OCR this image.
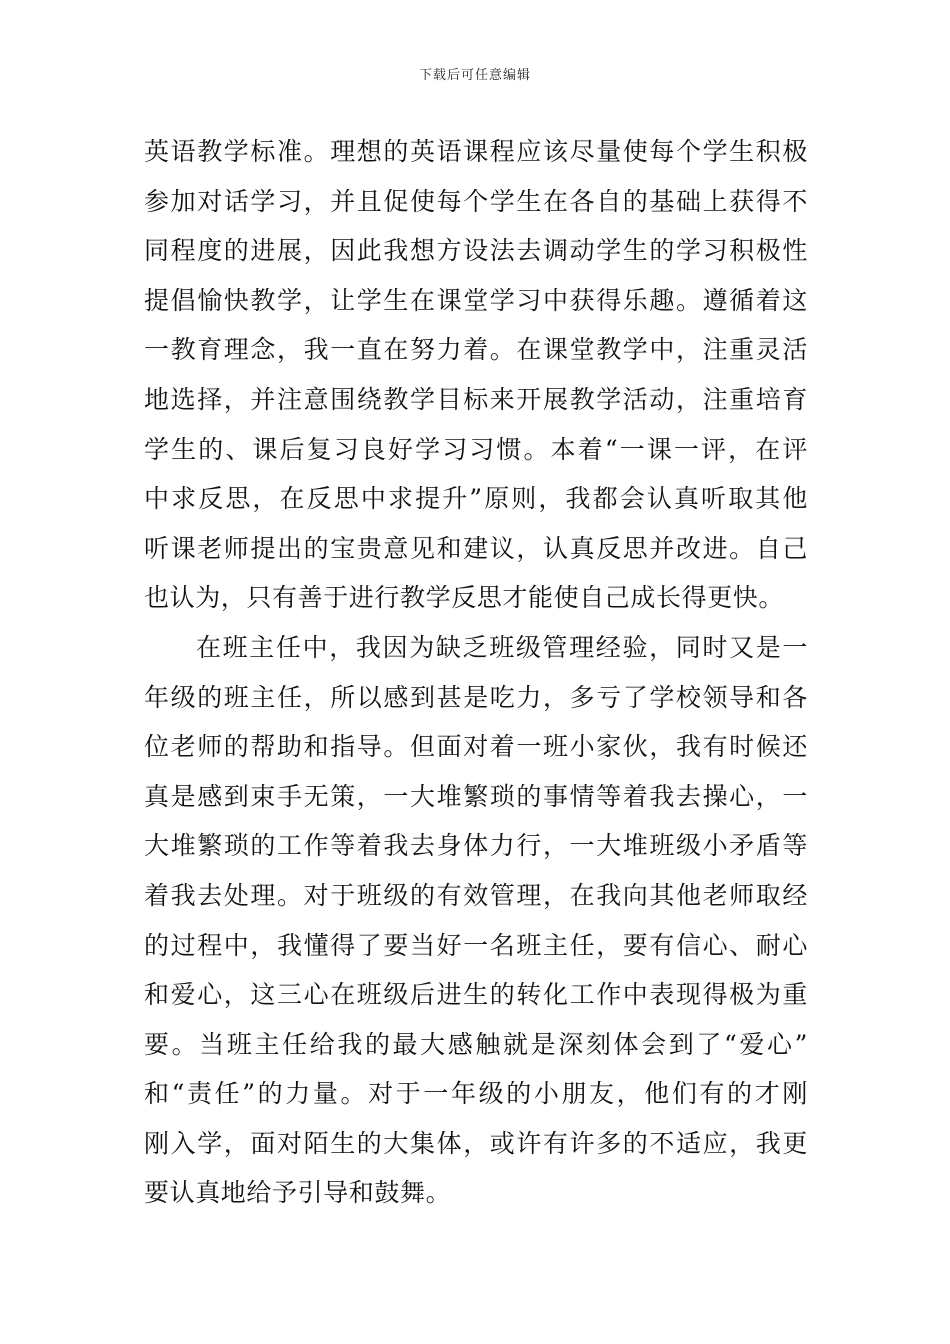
下载后可任意编辑
英语教学标准。理想的英语课程应该尽量使每个学生积极
参加对话学习，并且促使每个学生在各自的基础上获得不
同程度的进展，因此我想方设法去调动学生的学习积极性
提倡愉快教学，让学生在课堂学习中获得乐趣。遵循着这
一教育理念，我一直在努力着。在课堂教学中，注重灵活
地选择，并注意围绕教学目标来开展教学活动，注重培育
学生的、课后复习良好学习习惯。本着“一课一评，在评
中求反思，在反思中求提升”原则，我都会认真听取其他
听课老师提出的宝贵意见和建议，认真反思并改进。自己
也认为，只有善于进行教学反思才能使自己成长得更快。
在班主任中，我因为缺乏班级管理经验，同时又是一
年级的班主任，所以感到甚是吃力，多亏了学校领导和各
位老师的帮助和指导。但面对着一班小家伙，我有时候还
真是感到束手无策，一大堆繁琐的事情等着我去操心，一
大堆繁琐的工作等着我去身体力行，一大堆班级小矛盾等
着我去处理。对于班级的有效管理，在我向其他老师取经
的过程中，我懂得了要当好一名班主任，要有信心、耐心
和爱心，这三心在班级后进生的转化工作中表现得极为重
要。当班主任给我的最大感触就是深刻体会到了“爱心”
和“责任”的力量。对于一年级的小朋友，他们有的才刚
刚入学，面对陌生的大集体，或许有许多的不适应，我更
要认真地给予引导和鼓舞。
